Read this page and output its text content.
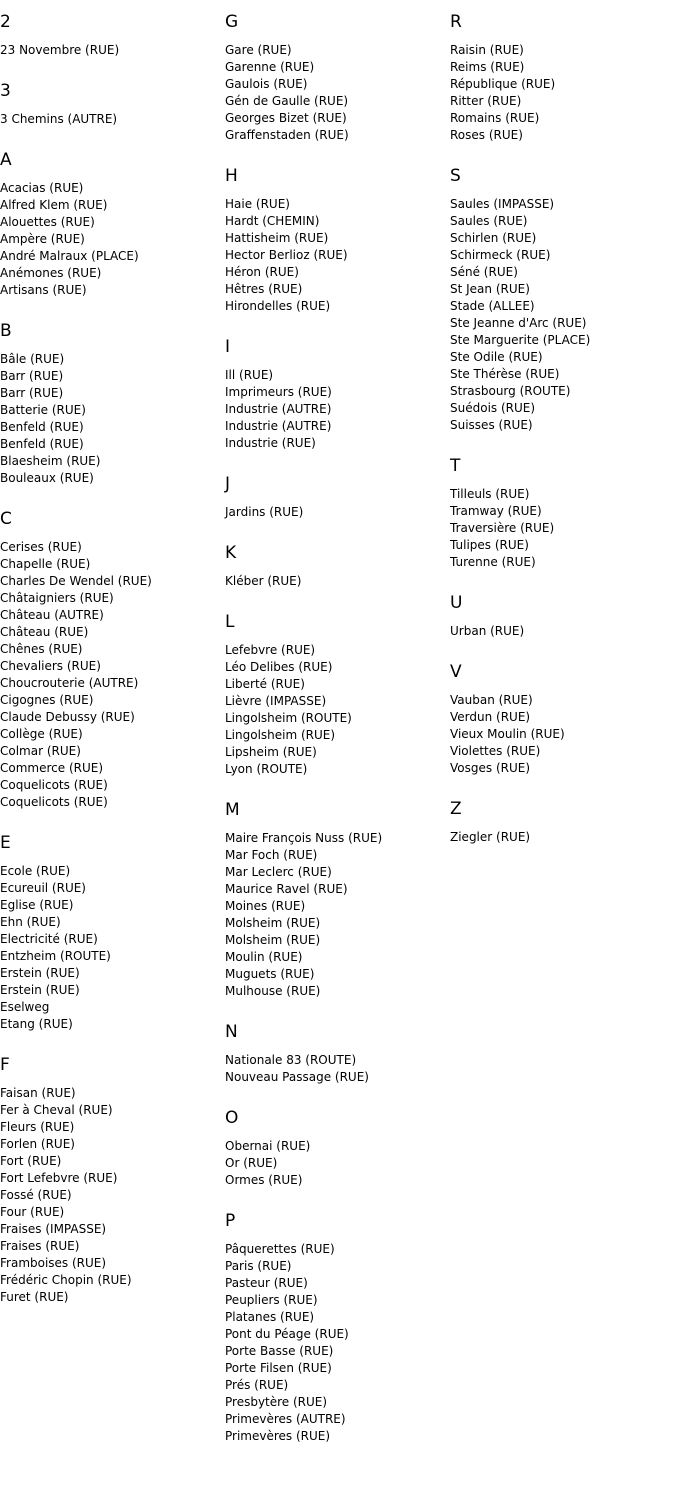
2
23 Novembre (RUE)
3
3 Chemins (AUTRE)
A
Acacias (RUE)
Alfred Klem (RUE)
Alouettes (RUE)
Ampère (RUE)
André Malraux (PLACE)
Anémones (RUE)
Artisans (RUE)
B
Bâle (RUE)
Barr (RUE)
Barr (RUE)
Batterie (RUE)
Benfeld (RUE)
Benfeld (RUE)
Blaesheim (RUE)
Bouleaux (RUE)
C
Cerises (RUE)
Chapelle (RUE)
Charles De Wendel (RUE)
Châtaigniers (RUE)
Château (AUTRE)
Château (RUE)
Chênes (RUE)
Chevaliers (RUE)
Choucrouterie (AUTRE)
Cigognes (RUE)
Claude Debussy (RUE)
Collège (RUE)
Colmar (RUE)
Commerce (RUE)
Coquelicots (RUE)
Coquelicots (RUE)
E
Ecole (RUE)
Ecureuil (RUE)
Eglise (RUE)
Ehn (RUE)
Electricité (RUE)
Entzheim (ROUTE)
Erstein (RUE)
Erstein (RUE)
Eselweg
Etang (RUE)
F
Faisan (RUE)
Fer à Cheval (RUE)
Fleurs (RUE)
Forlen (RUE)
Fort (RUE)
Fort Lefebvre (RUE)
Fossé (RUE)
Four (RUE)
Fraises (IMPASSE)
Fraises (RUE)
Framboises (RUE)
Frédéric Chopin (RUE)
Furet (RUE)
G
Gare (RUE)
Garenne (RUE)
Gaulois (RUE)
Gén de Gaulle (RUE)
Georges Bizet (RUE)
Graffenstaden (RUE)
H
Haie (RUE)
Hardt (CHEMIN)
Hattisheim (RUE)
Hector Berlioz (RUE)
Héron (RUE)
Hêtres (RUE)
Hirondelles (RUE)
I
Ill (RUE)
Imprimeurs (RUE)
Industrie (AUTRE)
Industrie (AUTRE)
Industrie (RUE)
J
Jardins (RUE)
K
Kléber (RUE)
L
Lefebvre (RUE)
Léo Delibes (RUE)
Liberté (RUE)
Lièvre (IMPASSE)
Lingolsheim (ROUTE)
Lingolsheim (RUE)
Lipsheim (RUE)
Lyon (ROUTE)
M
Maire François Nuss (RUE)
Mar Foch (RUE)
Mar Leclerc (RUE)
Maurice Ravel (RUE)
Moines (RUE)
Molsheim (RUE)
Molsheim (RUE)
Moulin (RUE)
Muguets (RUE)
Mulhouse (RUE)
N
Nationale 83 (ROUTE)
Nouveau Passage (RUE)
O
Obernai (RUE)
Or (RUE)
Ormes (RUE)
P
Pâquerettes (RUE)
Paris (RUE)
Pasteur (RUE)
Peupliers (RUE)
Platanes (RUE)
Pont du Péage (RUE)
Porte Basse (RUE)
Porte Filsen (RUE)
Prés (RUE)
Presbytère (RUE)
Primevères (AUTRE)
Primevères (RUE)
R
Raisin (RUE)
Reims (RUE)
République (RUE)
Ritter (RUE)
Romains (RUE)
Roses (RUE)
S
Saules (IMPASSE)
Saules (RUE)
Schirlen (RUE)
Schirmeck (RUE)
Séné (RUE)
St Jean (RUE)
Stade (ALLEE)
Ste Jeanne d'Arc (RUE)
Ste Marguerite (PLACE)
Ste Odile (RUE)
Ste Thérèse (RUE)
Strasbourg (ROUTE)
Suédois (RUE)
Suisses (RUE)
T
Tilleuls (RUE)
Tramway (RUE)
Traversière (RUE)
Tulipes (RUE)
Turenne (RUE)
U
Urban (RUE)
V
Vauban (RUE)
Verdun (RUE)
Vieux Moulin (RUE)
Violettes (RUE)
Vosges (RUE)
Z
Ziegler (RUE)
